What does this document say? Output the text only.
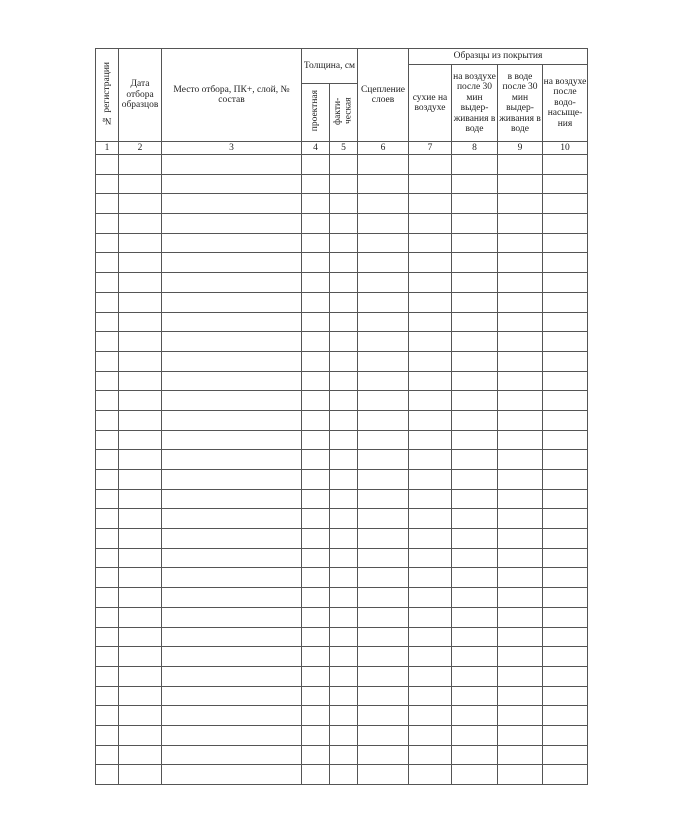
№ регистрации	Дата отбора образцов	Место отбора, ПК+, слой, № состав	Толщина, см		Сцепление слоев	Образцы из покрытия			
						сухие на воздухе	на воздухе после 30 мин выдер-живания в воде	в воде после 30 мин выдер-живания в воде	на воздухе после водо-насыще-ния
			проектная	факти-ческая					
1	2	3	4	5	6	7	8	9	10
